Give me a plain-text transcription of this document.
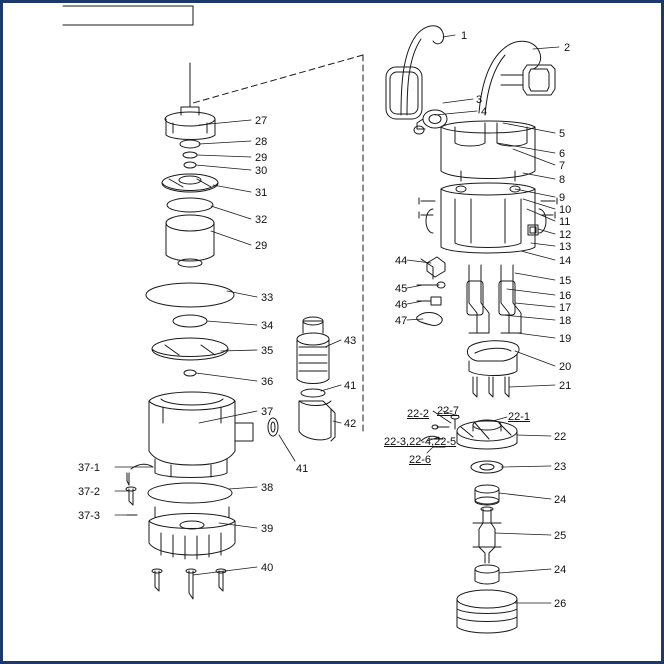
1
2
3
4
5
6
7
8
9
10
11
12
13
14
15
16
17
18
19
20
21
22
22-1
22-2 22-7
22-3,22-4,22-5
22-6
23
24
25
24
26
27
28
29
30
31
32
29
33
34
35
36
37
37-1
37-2
37-3
38
39
40
41
41
42
43
44
45
46
47
